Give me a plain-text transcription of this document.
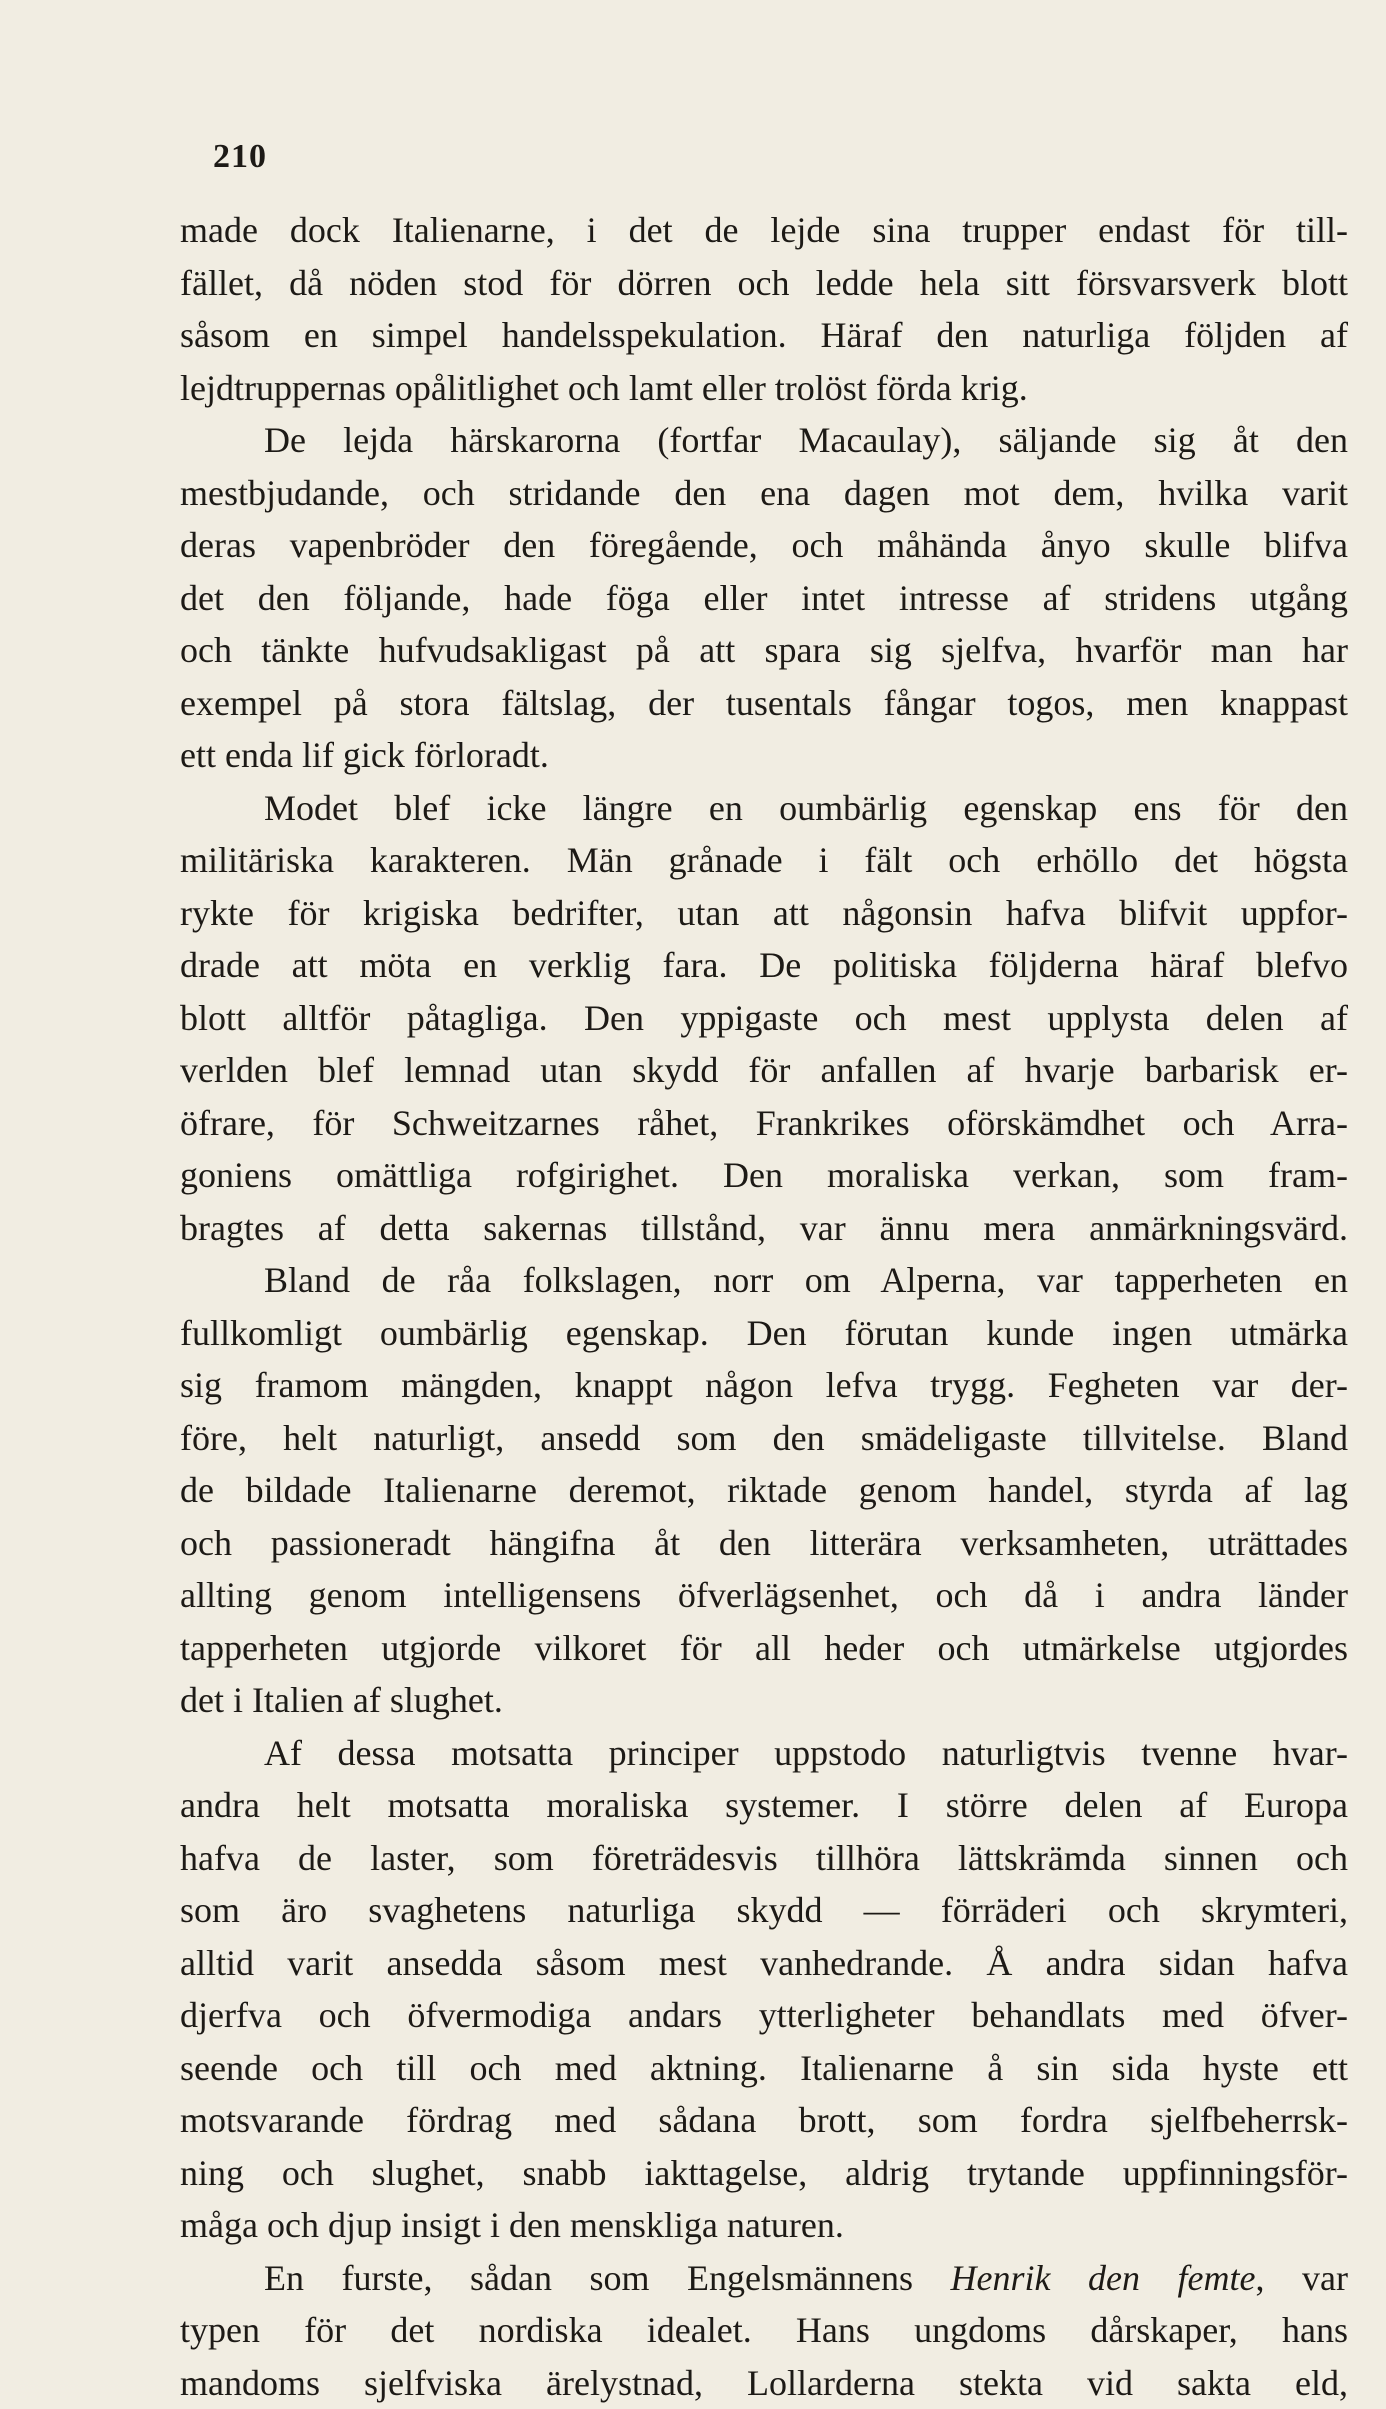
210
made dock Italienarne, i det de lejde sina trupper endast för till-
fället, då nöden stod för dörren och ledde hela sitt försvarsverk blott
såsom en simpel handelsspekulation. Häraf den naturliga följden af
lejdtruppernas opålitlighet och lamt eller trolöst förda krig.
De lejda härskarorna (fortfar Macaulay), säljande sig åt den
mestbjudande, och stridande den ena dagen mot dem, hvilka varit
deras vapenbröder den föregående, och måhända ånyo skulle blifva
det den följande, hade föga eller intet intresse af stridens utgång
och tänkte hufvudsakligast på att spara sig sjelfva, hvarför man har
exempel på stora fältslag, der tusentals fångar togos, men knappast
ett enda lif gick förloradt.
Modet blef icke längre en oumbärlig egenskap ens för den
militäriska karakteren. Män grånade i fält och erhöllo det högsta
rykte för krigiska bedrifter, utan att någonsin hafva blifvit uppfor-
drade att möta en verklig fara. De politiska följderna häraf blefvo
blott alltför påtagliga. Den yppigaste och mest upplysta delen af
verlden blef lemnad utan skydd för anfallen af hvarje barbarisk er-
öfrare, för Schweitzarnes råhet, Frankrikes oförskämdhet och Arra-
goniens omättliga rofgirighet. Den moraliska verkan, som fram-
bragtes af detta sakernas tillstånd, var ännu mera anmärkningsvärd.
Bland de råa folkslagen, norr om Alperna, var tapperheten en
fullkomligt oumbärlig egenskap. Den förutan kunde ingen utmärka
sig framom mängden, knappt någon lefva trygg. Fegheten var der-
före, helt naturligt, ansedd som den smädeligaste tillvitelse. Bland
de bildade Italienarne deremot, riktade genom handel, styrda af lag
och passioneradt hängifna åt den litterära verksamheten, uträttades
allting genom intelligensens öfverlägsenhet, och då i andra länder
tapperheten utgjorde vilkoret för all heder och utmärkelse utgjordes
det i Italien af slughet.
Af dessa motsatta principer uppstodo naturligtvis tvenne hvar-
andra helt motsatta moraliska systemer. I större delen af Europa
hafva de laster, som företrädesvis tillhöra lättskrämda sinnen och
som äro svaghetens naturliga skydd — förräderi och skrymteri,
alltid varit ansedda såsom mest vanhedrande. Å andra sidan hafva
djerfva och öfvermodiga andars ytterligheter behandlats med öfver-
seende och till och med aktning. Italienarne å sin sida hyste ett
motsvarande fördrag med sådana brott, som fordra sjelfbeherrsk-
ning och slughet, snabb iakttagelse, aldrig trytande uppfinningsför-
måga och djup insigt i den menskliga naturen.
En furste, sådan som Engelsmännens Henrik den femte, var
typen för det nordiska idealet. Hans ungdoms dårskaper, hans
mandoms sjelfviska ärelystnad, Lollarderna stekta vid sakta eld,
